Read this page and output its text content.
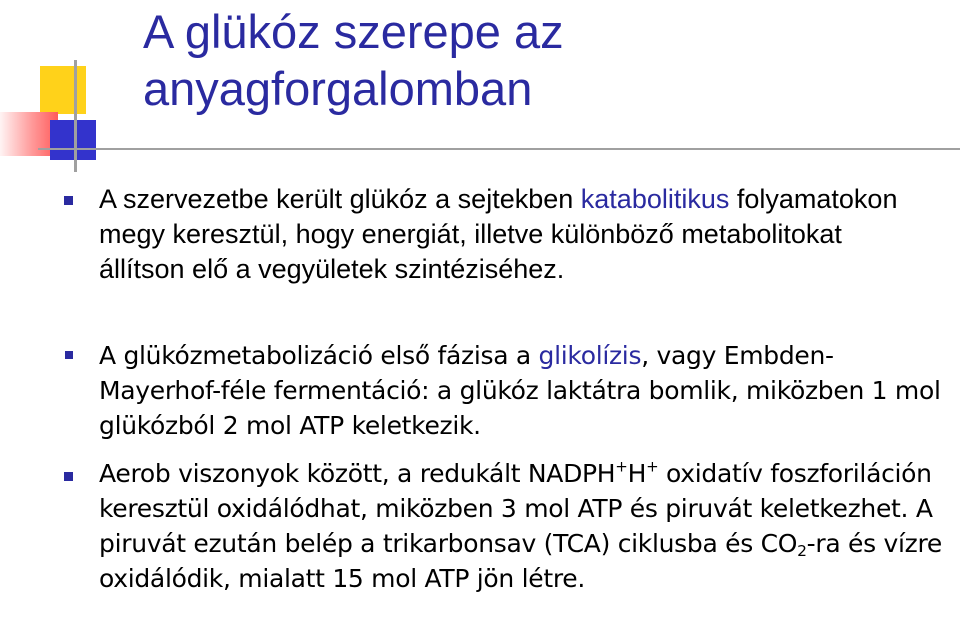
A glükóz szerepe az
anyagforgalomban

A szervezetbe került glükóz a sejtekben katabolitikus folyamatokon megy keresztül, hogy energiát, illetve különböző metabolitokat állítson elő a vegyületek szintéziséhez.

A glükózmetabolizáció első fázisa a glikolízis, vagy Embden-Mayerhof-féle fermentáció: a glükóz laktátra bomlik, miközben 1 mol glükózból 2 mol ATP keletkezik.

Aerob viszonyok között, a redukált NADPH+H+ oxidatív foszforiláción keresztül oxidálódhat, miközben 3 mol ATP és piruvát keletkezhet. A piruvát ezután belép a trikarbonsav (TCA) ciklusba és $CO_2-ra$ és vízre oxidálódik, mialatt 15 mol ATP jön létre.
